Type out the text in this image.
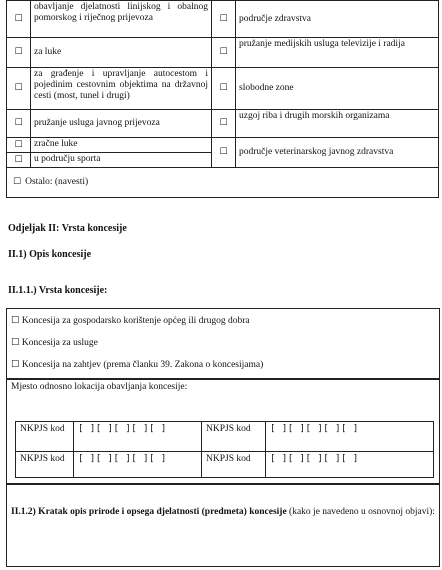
☐	obavljanje djelatnosti linijskog i obalnog pomorskog i riječnog prijevoza	☐	područje zdravstva
☐	za luke	☐	pružanje medijskih usluga televizije i radija
☐	za građenje i upravljanje autocestom i pojedinim cestovnim objektima na državnoj cesti (most, tunel i drugi)	☐	slobodne zone
☐	pružanje usluga javnog prijevoza	☐	uzgoj riba i drugih morskih organizama
☐	zračne luke	☐	područje veterinarskog javnog zdravstva
☐	u području sporta		
☐ Ostalo: (navesti)			
Odjeljak II: Vrsta koncesije
II.1) Opis koncesije
II.1.1.) Vrsta koncesije:
☐ Koncesija za gospodarsko korištenje općeg ili drugog dobra
☐ Koncesija za usluge
☐ Koncesija na zahtjev (prema članku 39. Zakona o koncesijama)
Mjesto odnosno lokacija obavljanja koncesije:
NKPJS kod	[ ][ ][ ][ ][ ]	NKPJS kod	[ ][ ][ ][ ][ ]
NKPJS kod	[ ][ ][ ][ ][ ]	NKPJS kod	[ ][ ][ ][ ][ ]
II.1.2) Kratak opis prirode i opsega djelatnosti (predmeta) koncesije (kako je navedeno u osnovnoj objavi):
